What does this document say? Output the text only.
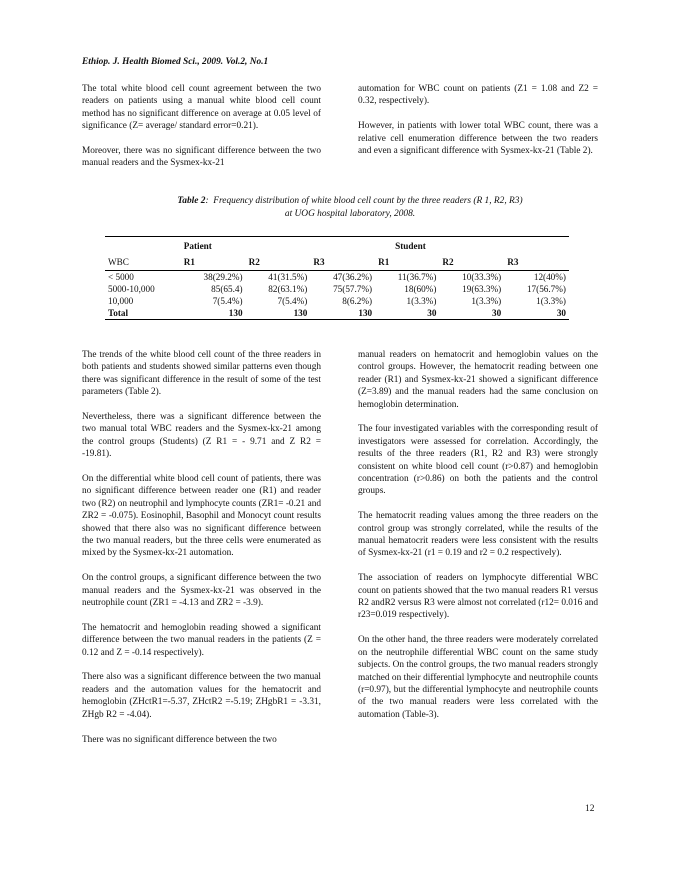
Ethiop. J. Health Biomed Sci., 2009. Vol.2, No.1

The total white blood cell count agreement between the two readers on patients using a manual white blood cell count method has no significant difference on average at 0.05 level of significance (Z= average/ standard error=0.21).

Moreover, there was no significant difference between the two manual readers and the Sysmex-kx-21

automation for WBC count on patients (Z1 = 1.08 and Z2 = 0.32, respectively).

However, in patients with lower total WBC count, there was a relative cell enumeration difference between the two readers and even a significant difference with Sysmex-kx-21 (Table 2).

Table 2:  Frequency distribution of white blood cell count by the three readers (R 1, R2, R3)
at UOG hospital laboratory, 2008.
	Patient			Student		
WBC	R1	R2	R3	R1	R2	R3
< 5000	38(29.2%)	41(31.5%)	47(36.2%)	11(36.7%)	10(33.3%)	12(40%)
5000-10,000	85(65.4)	82(63.1%)	75(57.7%)	18(60%)	19(63.3%)	17(56.7%)
10,000	7(5.4%)	7(5.4%)	8(6.2%)	1(3.3%)	1(3.3%)	1(3.3%)
Total	130	130	130	30	30	30

The trends of the white blood cell count of the three readers in both patients and students showed similar patterns even though there was significant difference in the result of some of the test parameters (Table 2).

Nevertheless, there was a significant difference between the two manual total WBC readers and the Sysmex-kx-21 among the control groups (Students) (Z R1 = - 9.71 and Z R2 = -19.81).

On the differential white blood cell count of patients, there was no significant difference between reader one (R1) and reader two (R2) on neutrophil and lymphocyte counts (ZR1= -0.21 and ZR2 = -0.075). Eosinophil, Basophil and Monocyt count results showed that there also was no significant difference between the two manual readers, but the three cells were enumerated as mixed by the Sysmex-kx-21 automation.

On the control groups, a significant difference between the two manual readers and the Sysmex-kx-21 was observed in the neutrophile count (ZR1 = -4.13 and ZR2 = -3.9).

The hematocrit and hemoglobin reading showed a significant difference between the two manual readers in the patients (Z = 0.12 and Z = -0.14 respectively).

There also was a significant difference between the two manual readers and the automation values for the hematocrit and hemoglobin (ZHctR1=-5.37, ZHctR2 =-5.19; ZHgbR1 = -3.31, ZHgb R2 = -4.04).

There was no significant difference between the two

manual readers on hematocrit and hemoglobin values on the control groups. However, the hematocrit reading between one reader (R1) and Sysmex-kx-21 showed a significant difference (Z=3.89) and the manual readers had the same conclusion on hemoglobin determination.

The four investigated variables with the corresponding result of investigators were assessed for correlation. Accordingly, the results of the three readers (R1, R2 and R3) were strongly consistent on white blood cell count (r>0.87) and hemoglobin concentration (r>0.86) on both the patients and the control groups.

The hematocrit reading values among the three readers on the control group was strongly correlated, while the results of the manual hematocrit readers were less consistent with the results of Sysmex-kx-21 (r1 = 0.19 and r2 = 0.2 respectively).

The association of readers on lymphocyte differential WBC count on patients showed that the two manual readers R1 versus R2 andR2 versus R3 were almost not correlated (r12= 0.016 and r23=0.019 respectively).

On the other hand, the three readers were moderately correlated on the neutrophile differential WBC count on the same study subjects. On the control groups, the two manual readers strongly matched on their differential lymphocyte and neutrophile counts (r=0.97), but the differential lymphocyte and neutrophile counts of the two manual readers were less correlated with the automation (Table-3).

12
